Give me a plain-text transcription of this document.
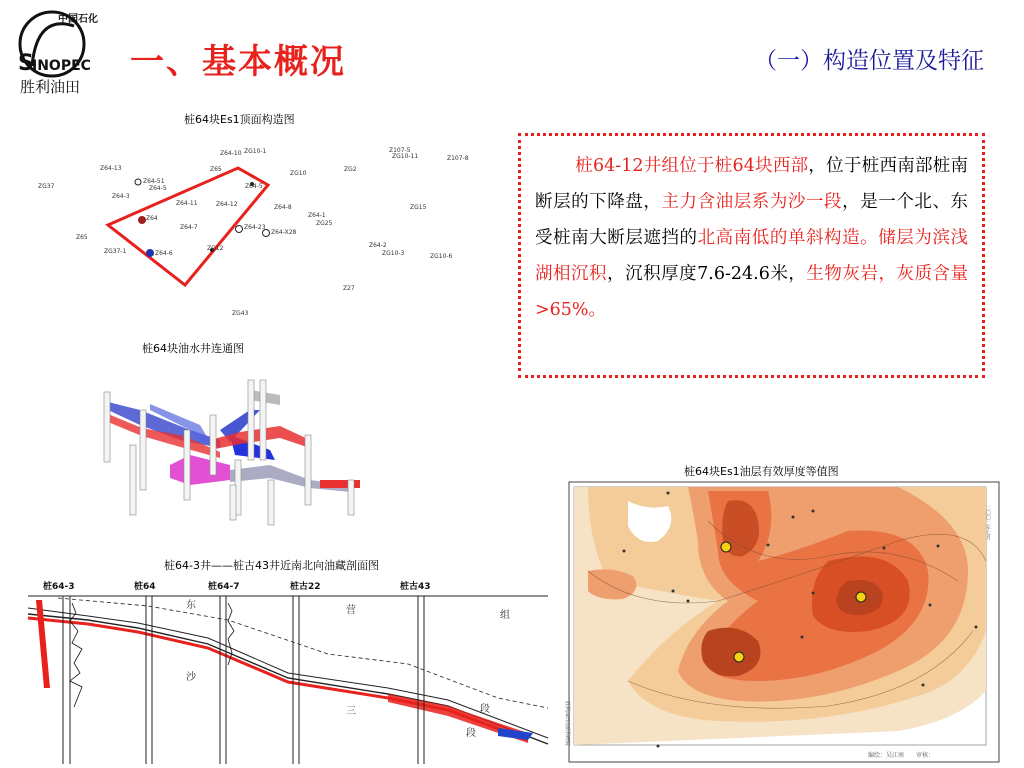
中国石化
S
INOPEC
胜利油田
一、基本概况	（一）构造位置及特征
桩64块Es1顶面构造图
桩64块油水井连通图
桩64-3井——桩古43井近南北向油藏剖面图
桩64块Es1油层有效厚度等值图
Z107-5
ZG10-11	Z107-8
Z64-10 ZG10-1
Z64-13	Z65
ZG10
ZG2
Z64-51
Z64-5
ZG37	Z64-5
Z64-3
Z64-11	Z64-12	Z64-8	ZG15
Z64
Z64-7	Z64-23
Z64-X28
Z64-1
ZG25
Z65
ZG37-1	Z64-6
ZG12	Z64-2
ZG10-3	ZG10-6
Z27
ZG43
桩64-3	桩64	桩64-7	桩古22	桩古43
东	营	组
沙
三	段
段
桩64-12井组位于桩64块西部，位于桩西南部桩南断层的下降盘，主力含油层系为沙一段，是一个北、东受桩南大断层遮挡的北高南低的单斜构造。储层为滨浅湖相沉积，沉积厚度7.6-24.6米，生物灰岩，灰质含量>65%。
二〇〇二年七月
胜利油田地质科研院
编绘：吴江南　　审核：
